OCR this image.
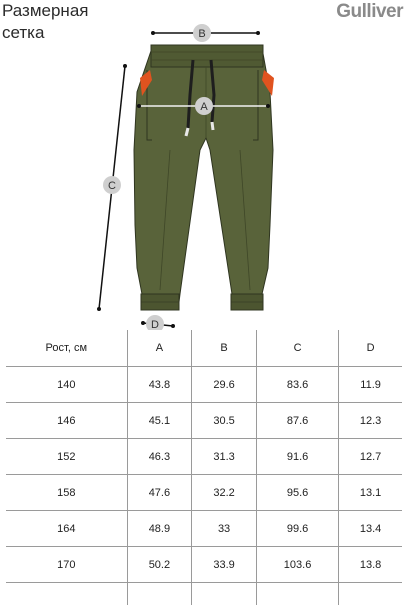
Размерная
сетка
Gulliver
B
A
C
D
Рост, см	A	B	C	D
140	43.8	29.6	83.6	11.9
146	45.1	30.5	87.6	12.3
152	46.3	31.3	91.6	12.7
158	47.6	32.2	95.6	13.1
164	48.9	33	99.6	13.4
170	50.2	33.9	103.6	13.8
